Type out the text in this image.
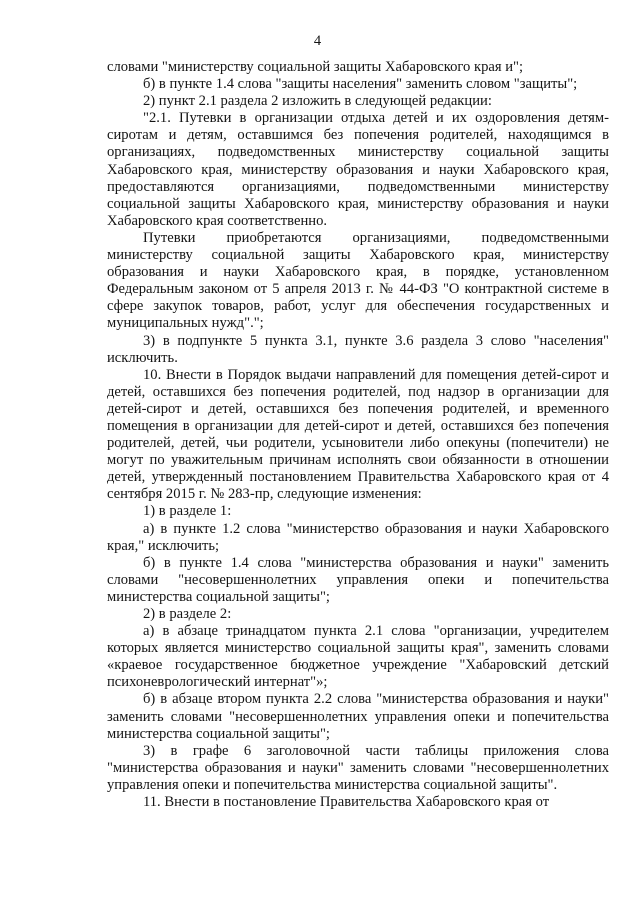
4

словами "министерству социальной защиты Хабаровского края и";

б) в пункте 1.4 слова "защиты населения" заменить словом "защиты";

2) пункт 2.1 раздела 2 изложить в следующей редакции:

"2.1. Путевки в организации отдыха детей и их оздоровления детям-сиротам и детям, оставшимся без попечения родителей, находящимся в организациях, подведомственных министерству социальной защиты Хабаровского края, министерству образования и науки Хабаровского края, предоставляются организациями, подведомственными министерству социальной защиты Хабаровского края, министерству образования и науки Хабаровского края соответственно.

Путевки приобретаются организациями, подведомственными министерству социальной защиты Хабаровского края, министерству образования и науки Хабаровского края, в порядке, установленном Федеральным законом от 5 апреля 2013 г. № 44-ФЗ "О контрактной системе в сфере закупок товаров, работ, услуг для обеспечения государственных и муниципальных нужд".";

3) в подпункте 5 пункта 3.1, пункте 3.6 раздела 3 слово "населения" исключить.

10. Внести в Порядок выдачи направлений для помещения детей-сирот и детей, оставшихся без попечения родителей, под надзор в организации для детей-сирот и детей, оставшихся без попечения родителей, и временного помещения в организации для детей-сирот и детей, оставшихся без попечения родителей, детей, чьи родители, усыновители либо опекуны (попечители) не могут по уважительным причинам исполнять свои обязанности в отношении детей, утвержденный постановлением Правительства Хабаровского края от 4 сентября 2015 г. № 283-пр, следующие изменения:

1) в разделе 1:

а) в пункте 1.2 слова "министерство образования и науки Хабаровского края," исключить;

б) в пункте 1.4 слова "министерства образования и науки" заменить словами "несовершеннолетних управления опеки и попечительства министерства социальной защиты";

2) в разделе 2:

а) в абзаце тринадцатом пункта 2.1 слова "организации, учредителем которых является министерство социальной защиты края", заменить словами «краевое государственное бюджетное учреждение "Хабаровский детский психоневрологический интернат"»;

б) в абзаце втором пункта 2.2 слова "министерства образования и науки" заменить словами "несовершеннолетних управления опеки и попечительства министерства социальной защиты";

3) в графе 6 заголовочной части таблицы приложения слова "министерства образования и науки" заменить словами "несовершеннолетних управления опеки и попечительства министерства социальной защиты".

11. Внести в постановление Правительства Хабаровского края от
